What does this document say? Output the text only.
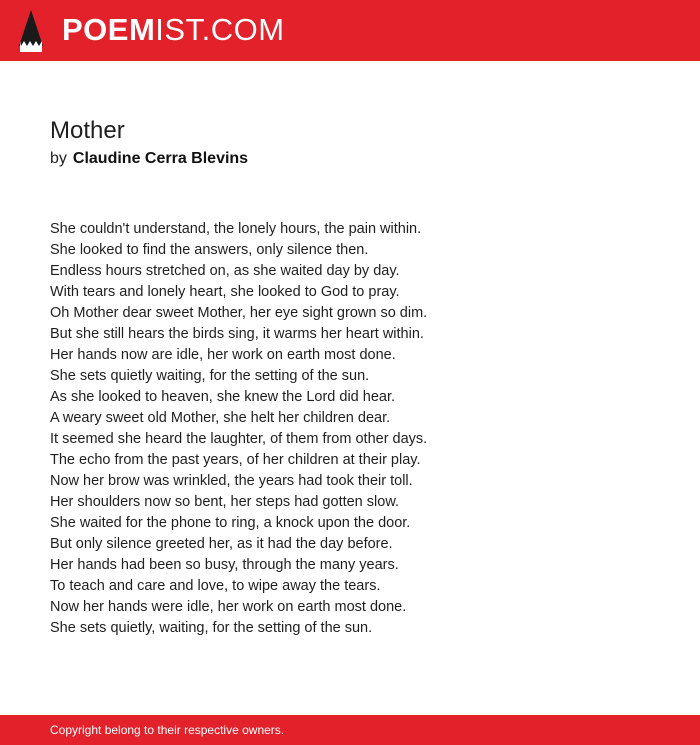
POEMIST.COM
Mother
by Claudine Cerra Blevins
She couldn't understand, the lonely hours, the pain within.
She looked to find the answers, only silence then.
Endless hours stretched on, as she waited day by day.
With tears and lonely heart, she looked to God to pray.
Oh Mother dear sweet Mother, her eye sight grown so dim.
But she still hears the birds sing, it warms her heart within.
Her hands now are idle, her work on earth most done.
She sets quietly waiting, for the setting of the sun.
As she looked to heaven, she knew the Lord did hear.
A weary sweet old Mother, she helt her children dear.
It seemed she heard the laughter, of them from other days.
The echo from the past years, of her children at their play.
Now her brow was wrinkled, the years had took their toll.
Her shoulders now so bent, her steps had gotten slow.
She waited for the phone to ring, a knock upon the door.
But only silence greeted her, as it had the day before.
Her hands had been so busy, through the many years.
To teach and care and love, to wipe away the tears.
Now her hands were idle, her work on earth most done.
She sets quietly, waiting, for the setting of the sun.
Copyright belong to their respective owners.
